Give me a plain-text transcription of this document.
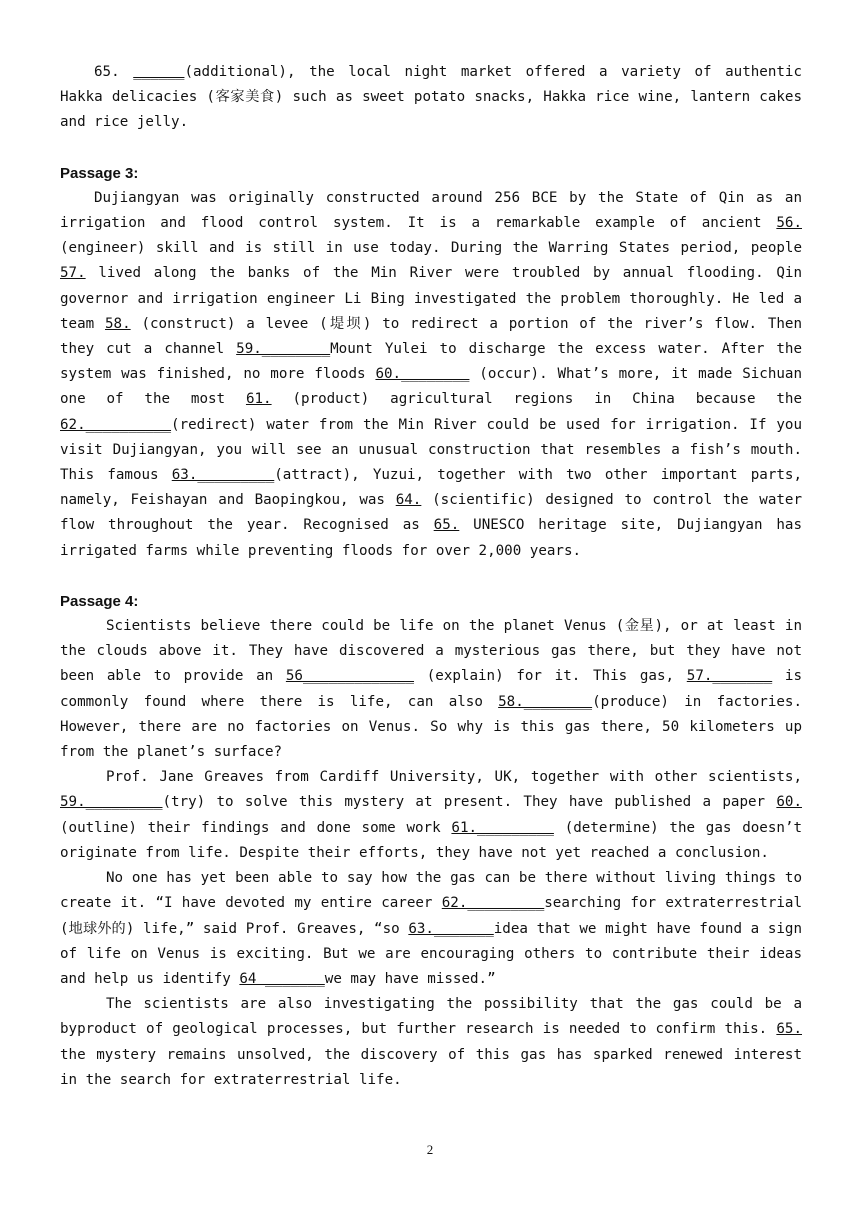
65. ______(additional), the local night market offered a variety of authentic Hakka delicacies (客家美食) such as sweet potato snacks, Hakka rice wine, lantern cakes and rice jelly.

Passage 3:

Dujiangyan was originally constructed around 256 BCE by the State of Qin as an irrigation and flood control system. It is a remarkable example of ancient 56. (engineer) skill and is still in use today. During the Warring States period, people 57. lived along the banks of the Min River were troubled by annual flooding. Qin governor and irrigation engineer Li Bing investigated the problem thoroughly. He led a team 58. (construct) a levee (堤坝) to redirect a portion of the river’s flow. Then they cut a channel 59.________Mount Yulei to discharge the excess water. After the system was finished, no more floods 60.________ (occur). What’s more, it made Sichuan one of the most 61. (product) agricultural regions in China because the 62.__________(redirect) water from the Min River could be used for irrigation. If you visit Dujiangyan, you will see an unusual construction that resembles a fish’s mouth. This famous 63._________(attract), Yuzui, together with two other important parts, namely, Feishayan and Baopingkou, was 64. (scientific) designed to control the water flow throughout the year. Recognised as 65. UNESCO heritage site, Dujiangyan has irrigated farms while preventing floods for over 2,000 years.

Passage 4:

Scientists believe there could be life on the planet Venus (金星), or at least in the clouds above it. They have discovered a mysterious gas there, but they have not been able to provide an 56_____________ (explain) for it. This gas, 57._______ is commonly found where there is life, can also 58.________(produce) in factories. However, there are no factories on Venus. So why is this gas there, 50 kilometers up from the planet’s surface?

Prof. Jane Greaves from Cardiff University, UK, together with other scientists, 59._________(try) to solve this mystery at present. They have published a paper 60. (outline) their findings and done some work 61._________ (determine) the gas doesn’t originate from life. Despite their efforts, they have not yet reached a conclusion.

No one has yet been able to say how the gas can be there without living things to create it. “I have devoted my entire career 62._________searching for extraterrestrial (地球外的) life,” said Prof. Greaves, “so 63._______idea that we might have found a sign of life on Venus is exciting. But we are encouraging others to contribute their ideas and help us identify 64 _______we may have missed.”

The scientists are also investigating the possibility that the gas could be a byproduct of geological processes, but further research is needed to confirm this. 65. the mystery remains unsolved, the discovery of this gas has sparked renewed interest in the search for extraterrestrial life.

2
